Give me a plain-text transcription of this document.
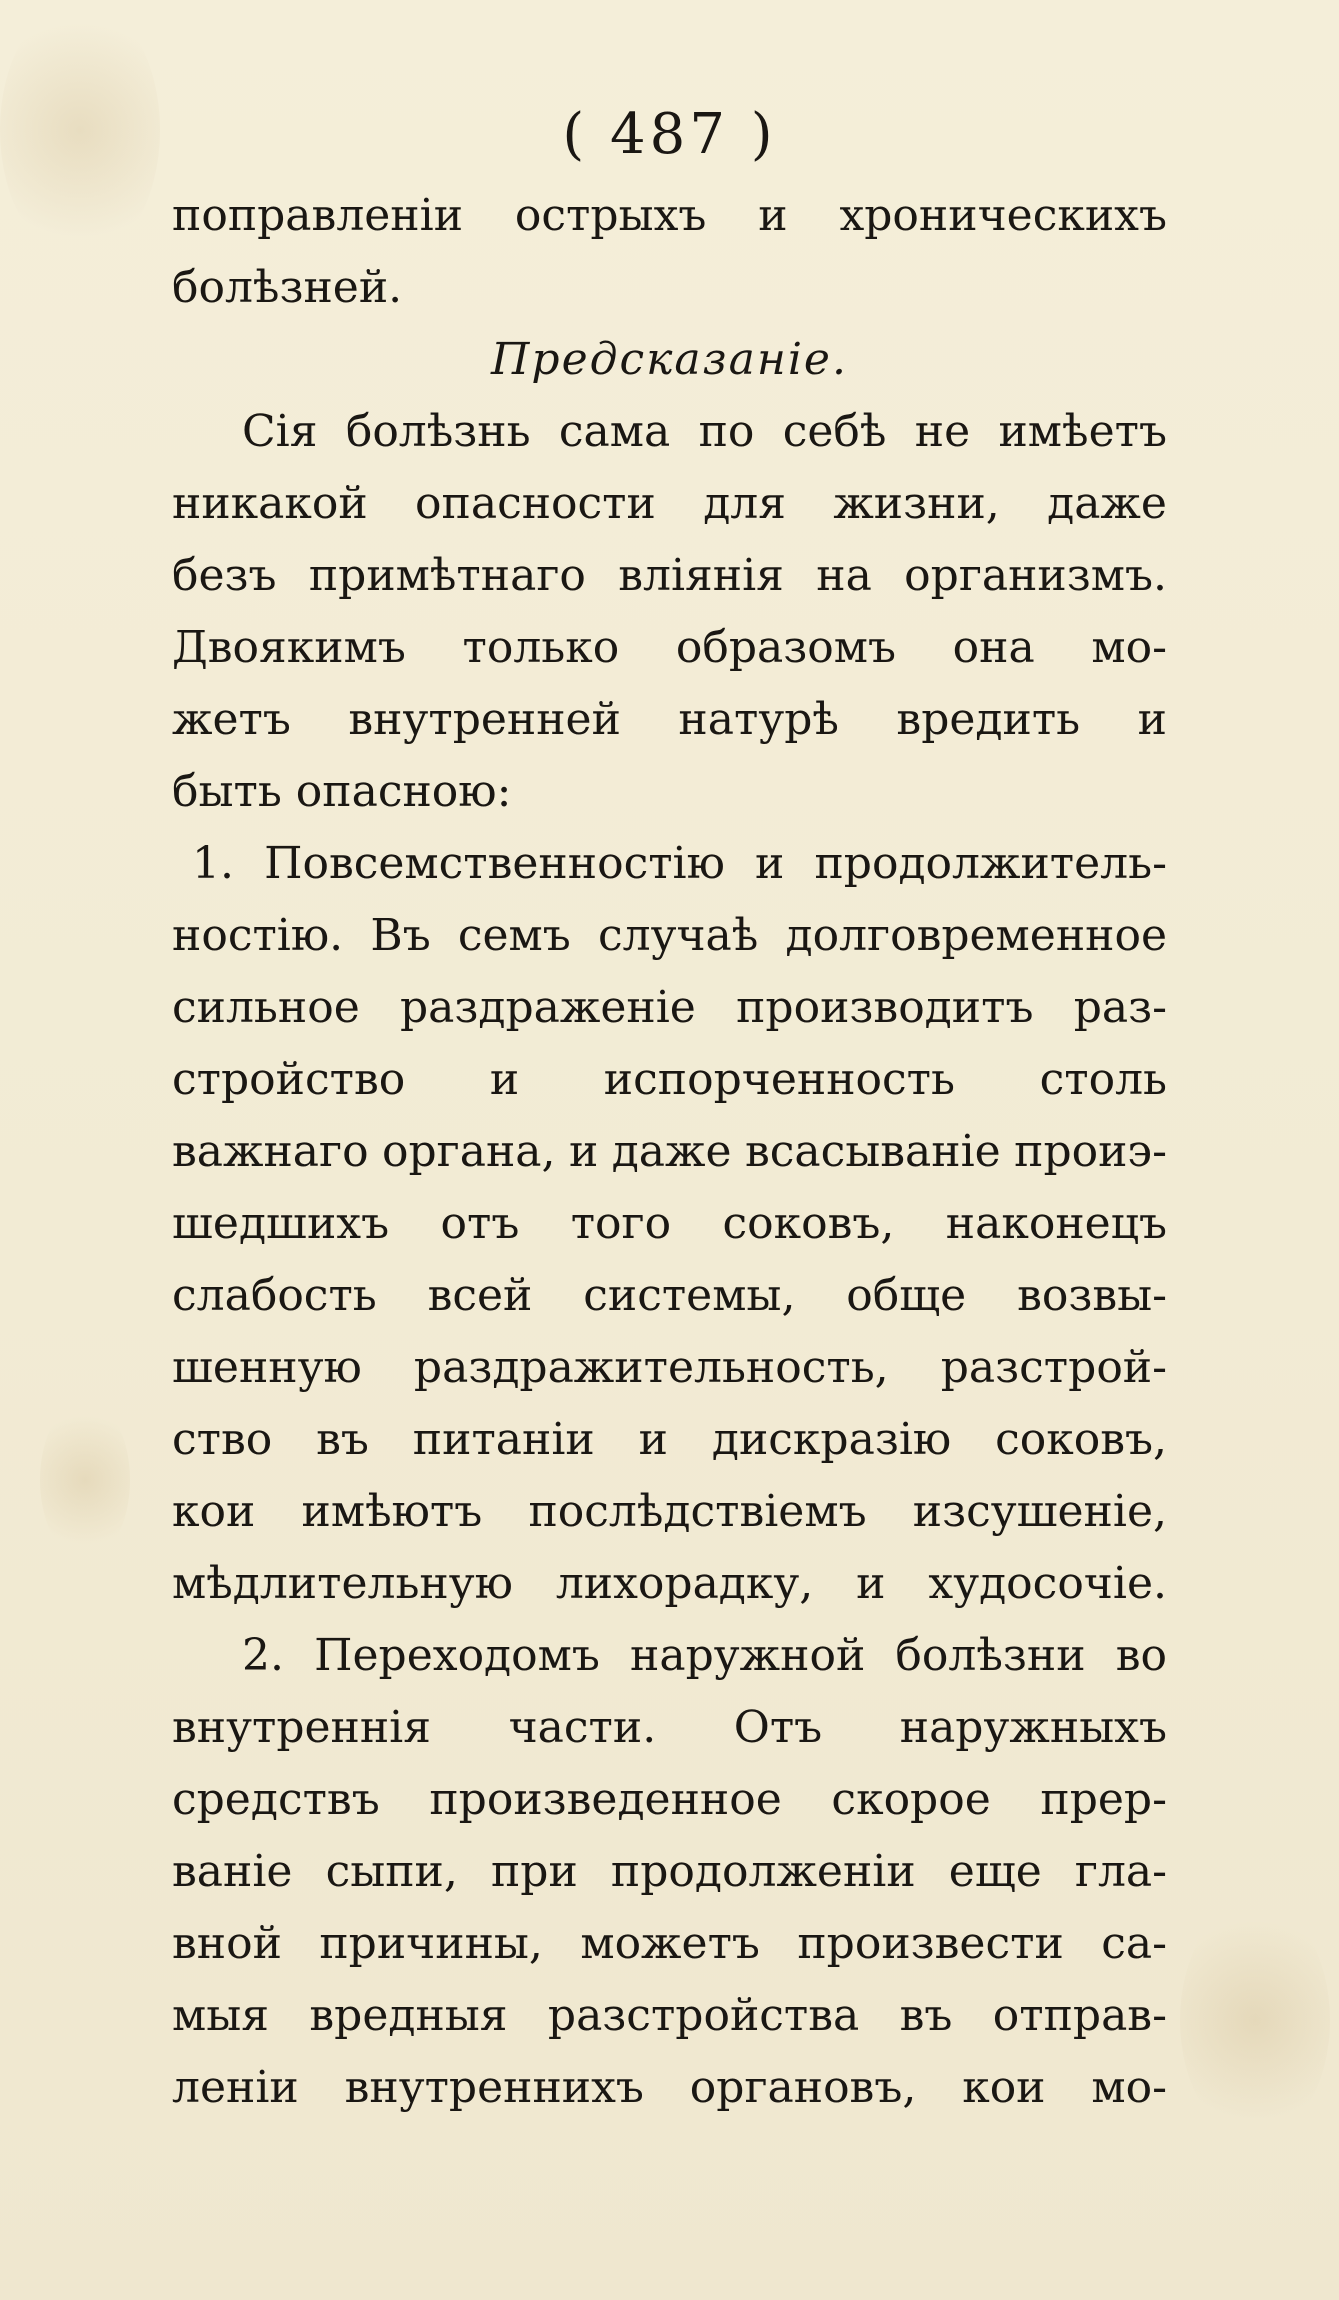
( 487 )
поправленіи острыхъ и хроническихъ
болѣзней.
Предсказаніе.
Сія болѣзнь сама по себѣ не имѣетъ
никакой опасности для жизни, даже
безъ примѣтнаго вліянія на организмъ.
Двоякимъ только образомъ она мо-
жетъ внутренней натурѣ вредить и
быть опасною:
1. Повсемственностію и продолжитель-
ностію. Въ семъ случаѣ долговременное
сильное раздраженіе производитъ раз-
стройство и испорченность столь
важнаго органа, и даже всасываніе проиэ-
шедшихъ отъ того соковъ, наконецъ
слабость всей системы, обще возвы-
шенную раздражительность, разстрой-
ство въ питаніи и дискразію соковъ,
кои имѣютъ послѣдствіемъ изсушеніе,
мѣдлительную лихорадку, и худосочіе.
2. Переходомъ наружной болѣзни во
внутреннія части. Отъ наружныхъ
средствъ произведенное скорое прер-
ваніе сыпи, при продолженіи еще гла-
вной причины, можетъ произвести са-
мыя вредныя разстройства въ отправ-
леніи внутреннихъ органовъ, кои мо-
